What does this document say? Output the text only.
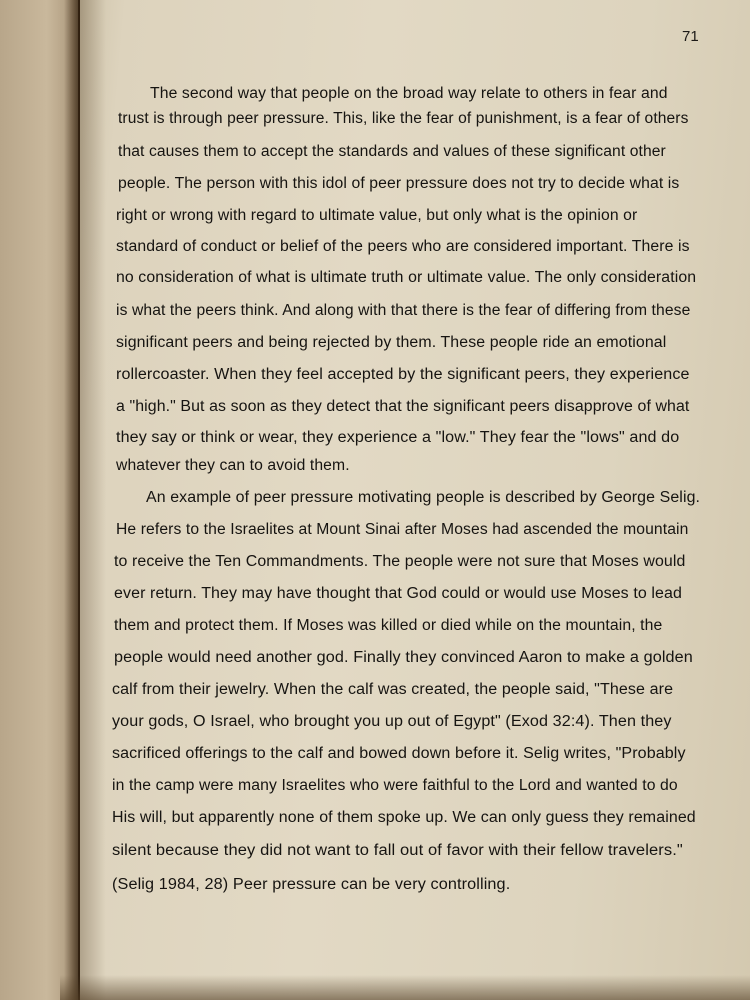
71
The second way that people on the broad way relate to others in fear and
trust is through peer pressure. This, like the fear of punishment, is a fear of others
that causes them to accept the standards and values of these significant other
people. The person with this idol of peer pressure does not try to decide what is
right or wrong with regard to ultimate value, but only what is the opinion or
standard of conduct or belief of the peers who are considered important. There is
no consideration of what is ultimate truth or ultimate value. The only consideration
is what the peers think. And along with that there is the fear of differing from these
significant peers and being rejected by them. These people ride an emotional
rollercoaster. When they feel accepted by the significant peers, they experience
a "high." But as soon as they detect that the significant peers disapprove of what
they say or think or wear, they experience a "low." They fear the "lows" and do
whatever they can to avoid them.
An example of peer pressure motivating people is described by George Selig.
He refers to the Israelites at Mount Sinai after Moses had ascended the mountain
to receive the Ten Commandments. The people were not sure that Moses would
ever return. They may have thought that God could or would use Moses to lead
them and protect them. If Moses was killed or died while on the mountain, the
people would need another god. Finally they convinced Aaron to make a golden
calf from their jewelry. When the calf was created, the people said, "These are
your gods, O Israel, who brought you up out of Egypt" (Exod 32:4). Then they
sacrificed offerings to the calf and bowed down before it. Selig writes, "Probably
in the camp were many Israelites who were faithful to the Lord and wanted to do
His will, but apparently none of them spoke up. We can only guess they remained
silent because they did not want to fall out of favor with their fellow travelers."
(Selig 1984, 28) Peer pressure can be very controlling.
